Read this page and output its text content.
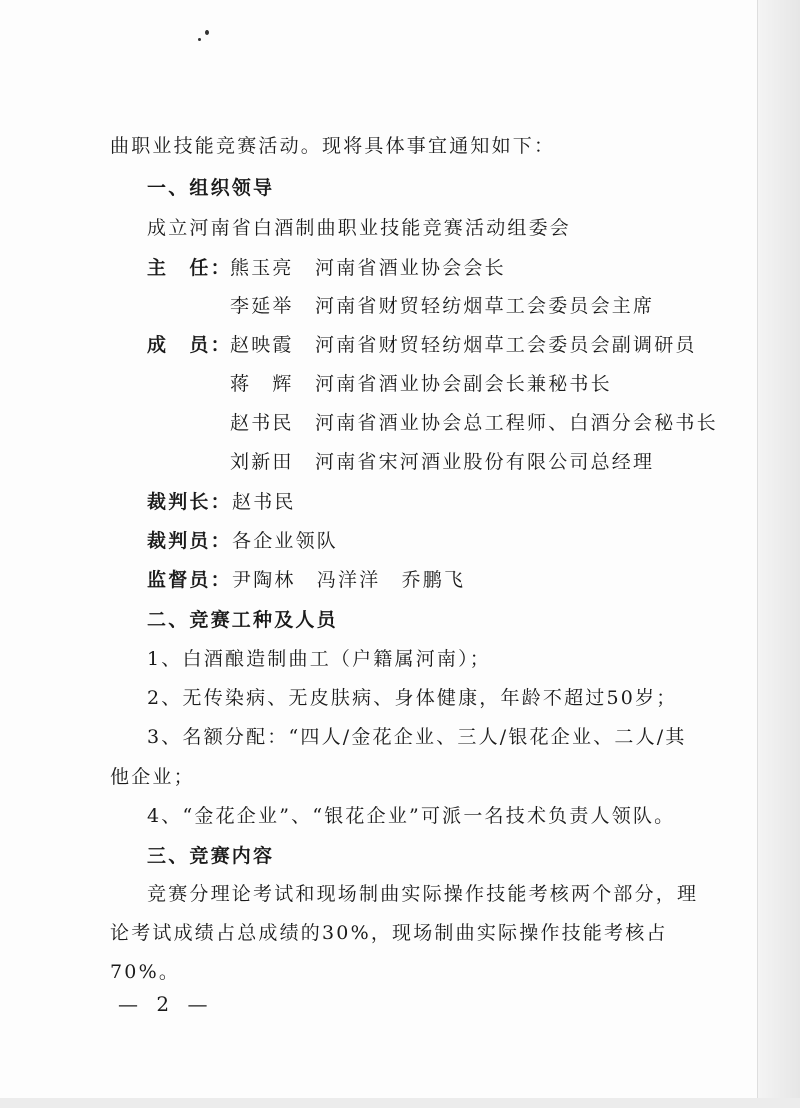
曲职业技能竞赛活动。现将具体事宜通知如下：
一、组织领导
成立河南省白酒制曲职业技能竞赛活动组委会
主　任：
熊玉亮 河南省酒业协会会长
李延举 河南省财贸轻纺烟草工会委员会主席
成　员：
赵映霞 河南省财贸轻纺烟草工会委员会副调研员
蒋　辉 河南省酒业协会副会长兼秘书长
赵书民 河南省酒业协会总工程师、白酒分会秘书长
刘新田 河南省宋河酒业股份有限公司总经理
裁判长： 赵书民
裁判员： 各企业领队
监督员： 尹陶林　冯洋洋　乔鹏飞
二、竞赛工种及人员
1、白酒酿造制曲工（户籍属河南）；
2、无传染病、无皮肤病、身体健康，年龄不超过50岁；
3、名额分配：“四人/金花企业、三人/银花企业、二人/其
他企业；
4、“金花企业”、“银花企业”可派一名技术负责人领队。
三、竞赛内容
竞赛分理论考试和现场制曲实际操作技能考核两个部分，理
论考试成绩占总成绩的30%，现场制曲实际操作技能考核占
70%。
— 2 —
